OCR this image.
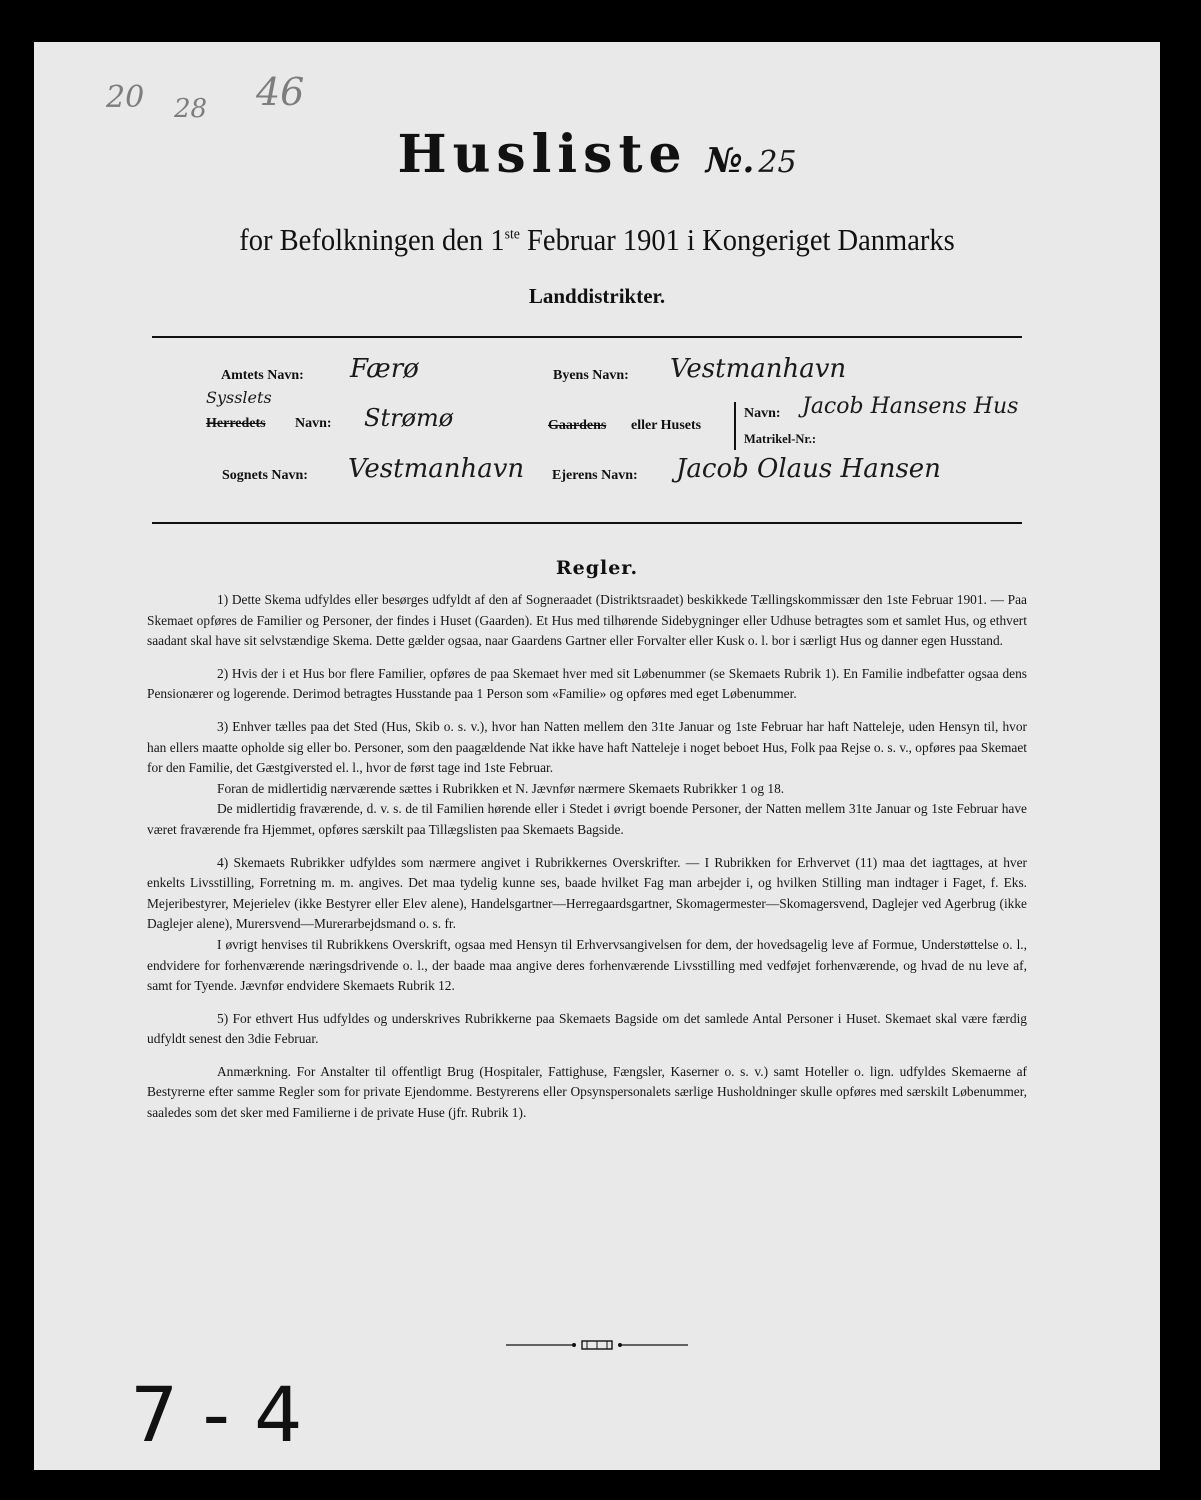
20 28 46
Husliste №. 25
for Befolkningen den 1ste Februar 1901 i Kongeriget Danmarks
Landdistrikter.
Amtets Navn: Færø	Byens Navn: Vestmanhavn
Sysslets
Herredets Navn: Strømø	Gaardens eller Husets
Navn: Jacob Hansens Hus
Matrikel-Nr.:
Sognets Navn: Vestmanhavn Ejerens Navn: Jacob Olaus Hansen
Regler.

1) Dette Skema udfyldes eller besørges udfyldt af den af Sogneraadet (Distriktsraadet) beskikkede Tællingskommissær den 1ste Februar 1901. — Paa Skemaet opføres de Familier og Personer, der findes i Huset (Gaarden). Et Hus med tilhørende Sidebygninger eller Udhuse betragtes som et samlet Hus, og ethvert saadant skal have sit selvstændige Skema. Dette gælder ogsaa, naar Gaardens Gartner eller Forvalter eller Kusk o. l. bor i særligt Hus og danner egen Husstand.

2) Hvis der i et Hus bor flere Familier, opføres de paa Skemaet hver med sit Løbenummer (se Skemaets Rubrik 1). En Familie indbefatter ogsaa dens Pensionærer og logerende. Derimod betragtes Husstande paa 1 Person som «Familie» og opføres med eget Løbenummer.

3) Enhver tælles paa det Sted (Hus, Skib o. s. v.), hvor han Natten mellem den 31te Januar og 1ste Februar har haft Natteleje, uden Hensyn til, hvor han ellers maatte opholde sig eller bo. Personer, som den paagældende Nat ikke have haft Natteleje i noget beboet Hus, Folk paa Rejse o. s. v., opføres paa Skemaet for den Familie, det Gæstgiversted el. l., hvor de først tage ind 1ste Februar.

Foran de midlertidig nærværende sættes i Rubrikken et N. Jævnfør nærmere Skemaets Rubrikker 1 og 18.

De midlertidig fraværende, d. v. s. de til Familien hørende eller i Stedet i øvrigt boende Personer, der Natten mellem 31te Januar og 1ste Februar have været fraværende fra Hjemmet, opføres særskilt paa Tillægslisten paa Skemaets Bagside.

4) Skemaets Rubrikker udfyldes som nærmere angivet i Rubrikkernes Overskrifter. — I Rubrikken for Erhvervet (11) maa det iagttages, at hver enkelts Livsstilling, Forretning m. m. angives. Det maa tydelig kunne ses, baade hvilket Fag man arbejder i, og hvilken Stilling man indtager i Faget, f. Eks. Mejeribestyrer, Mejerielev (ikke Bestyrer eller Elev alene), Handelsgartner—Herregaardsgartner, Skomagermester—Skomagersvend, Daglejer ved Agerbrug (ikke Daglejer alene), Murersvend—Murerarbejdsmand o. s. fr.

I øvrigt henvises til Rubrikkens Overskrift, ogsaa med Hensyn til Erhvervsangivelsen for dem, der hovedsagelig leve af Formue, Understøttelse o. l., endvidere for forhenværende næringsdrivende o. l., der baade maa angive deres forhenværende Livsstilling med vedføjet forhenværende, og hvad de nu leve af, samt for Tyende. Jævnfør endvidere Skemaets Rubrik 12.

5) For ethvert Hus udfyldes og underskrives Rubrikkerne paa Skemaets Bagside om det samlede Antal Personer i Huset. Skemaet skal være færdig udfyldt senest den 3die Februar.

Anmærkning. For Anstalter til offentligt Brug (Hospitaler, Fattighuse, Fængsler, Kaserner o. s. v.) samt Hoteller o. lign. udfyldes Skemaerne af Bestyrerne efter samme Regler som for private Ejendomme. Bestyrerens eller Opsynspersonalets særlige Husholdninger skulle opføres med særskilt Løbenummer, saaledes som det sker med Familierne i de private Huse (jfr. Rubrik 1).

7 - 4
